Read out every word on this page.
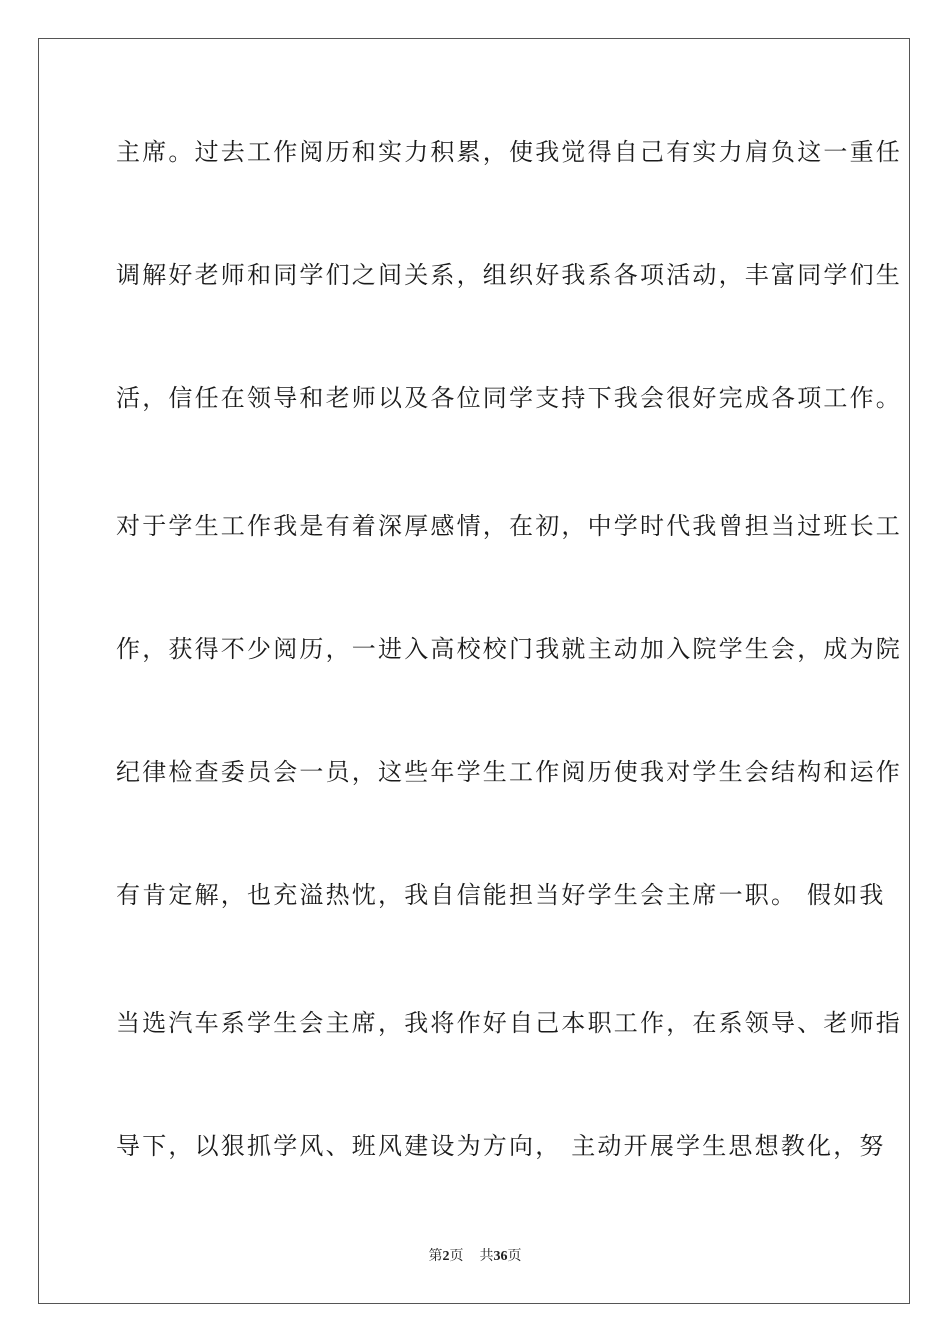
主席。过去工作阅历和实力积累，使我觉得自己有实力肩负这一重任
调解好老师和同学们之间关系，组织好我系各项活动，丰富同学们生
活，信任在领导和老师以及各位同学支持下我会很好完成各项工作。
对于学生工作我是有着深厚感情，在初，中学时代我曾担当过班长工
作，获得不少阅历，一进入高校校门我就主动加入院学生会，成为院
纪律检查委员会一员，这些年学生工作阅历使我对学生会结构和运作
有肯定解，也充溢热忱，我自信能担当好学生会主席一职。 假如我
当选汽车系学生会主席，我将作好自己本职工作，在系领导、老师指
导下，以狠抓学风、班风建设为方向， 主动开展学生思想教化，努
第2页 共36页
